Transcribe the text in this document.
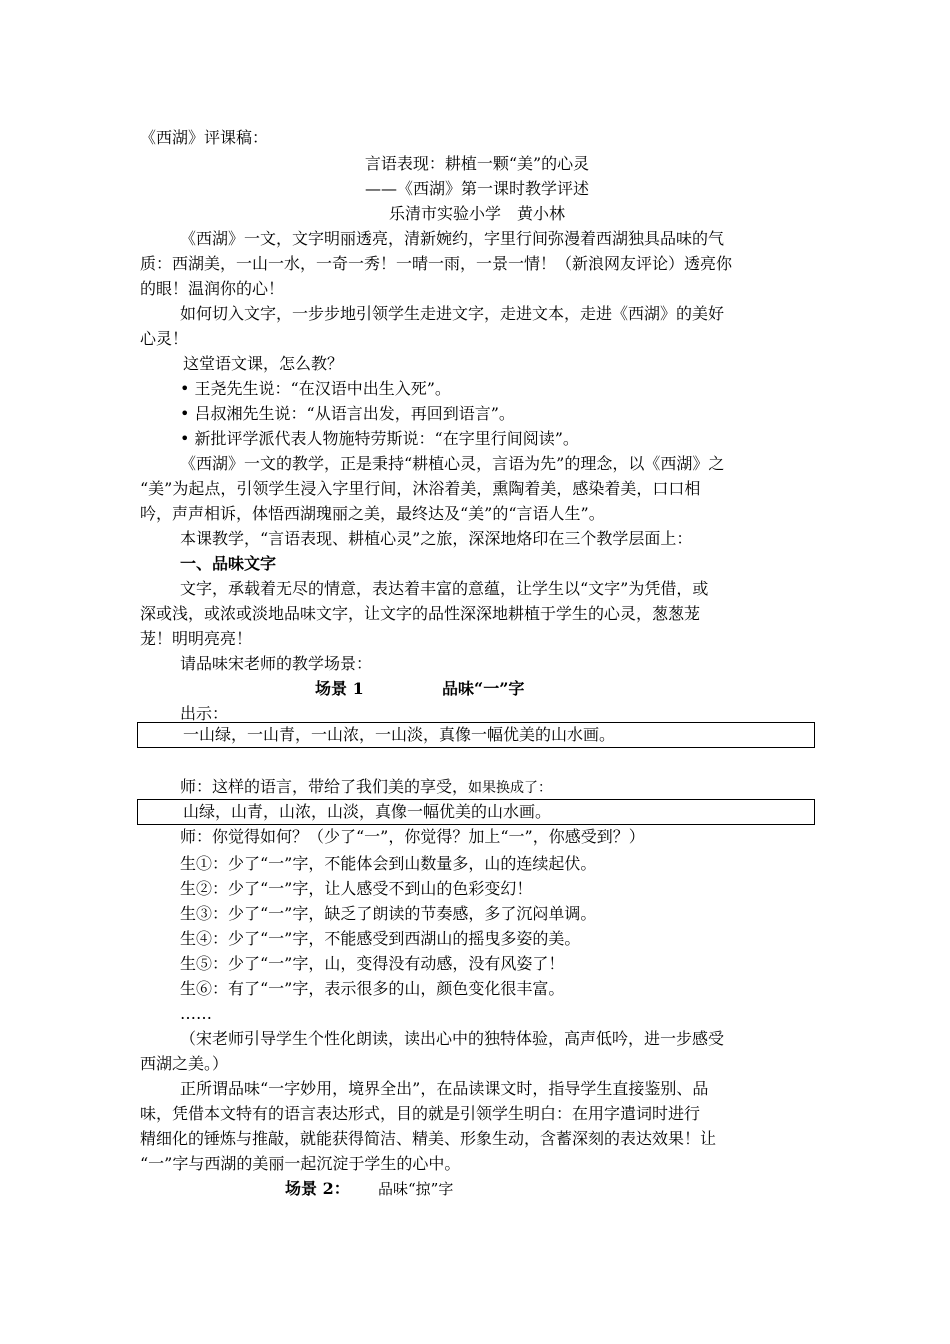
《西湖》评课稿：
言语表现：耕植一颗“美”的心灵
——《西湖》第一课时教学评述
乐清市实验小学　黄小林
《西湖》一文，文字明丽透亮，清新婉约，字里行间弥漫着西湖独具品味的气
质：西湖美，一山一水，一奇一秀！一晴一雨，一景一情！（新浪网友评论）透亮你
的眼！温润你的心！
如何切入文字，一步步地引领学生走进文字，走进文本，走进《西湖》的美好
心灵！
这堂语文课，怎么教？
• 王尧先生说：“在汉语中出生入死”。
• 吕叔湘先生说：“从语言出发，再回到语言”。
• 新批评学派代表人物施特劳斯说：“在字里行间阅读”。
《西湖》一文的教学，正是秉持“耕植心灵，言语为先”的理念，以《西湖》之
“美”为起点，引领学生浸入字里行间，沐浴着美，熏陶着美，感染着美，口口相
吟，声声相诉，体悟西湖瑰丽之美，最终达及“美”的“言语人生”。
本课教学，“言语表现、耕植心灵”之旅，深深地烙印在三个教学层面上：
一、品味文字
文字，承载着无尽的情意，表达着丰富的意蕴，让学生以“文字”为凭借，或
深或浅，或浓或淡地品味文字，让文字的品性深深地耕植于学生的心灵，葱葱茏
茏！明明亮亮！
请品味宋老师的教学场景：
场景 1	品味“一”字
出示：
一山绿，一山青，一山浓，一山淡，真像一幅优美的山水画。
师：这样的语言，带给了我们美的享受，如果换成了：
山绿，山青，山浓，山淡，真像一幅优美的山水画。
师：你觉得如何？（少了“一”，你觉得？加上“一”，你感受到？）
生①：少了“一”字，不能体会到山数量多，山的连续起伏。
生②：少了“一”字，让人感受不到山的色彩变幻！
生③：少了“一”字，缺乏了朗读的节奏感，多了沉闷单调。
生④：少了“一”字，不能感受到西湖山的摇曳多姿的美。
生⑤：少了“一”字，山，变得没有动感，没有风姿了！
生⑥：有了“一”字，表示很多的山，颜色变化很丰富。
……
（宋老师引导学生个性化朗读，读出心中的独特体验，高声低吟，进一步感受
西湖之美。）
正所谓品味“一字妙用，境界全出”，在品读课文时，指导学生直接鉴别、品
味，凭借本文特有的语言表达形式，目的就是引领学生明白：在用字遣词时进行
精细化的锤炼与推敲，就能获得简洁、精美、形象生动，含蓄深刻的表达效果！让
“一”字与西湖的美丽一起沉淀于学生的心中。
场景 2： 品味“掠”字
